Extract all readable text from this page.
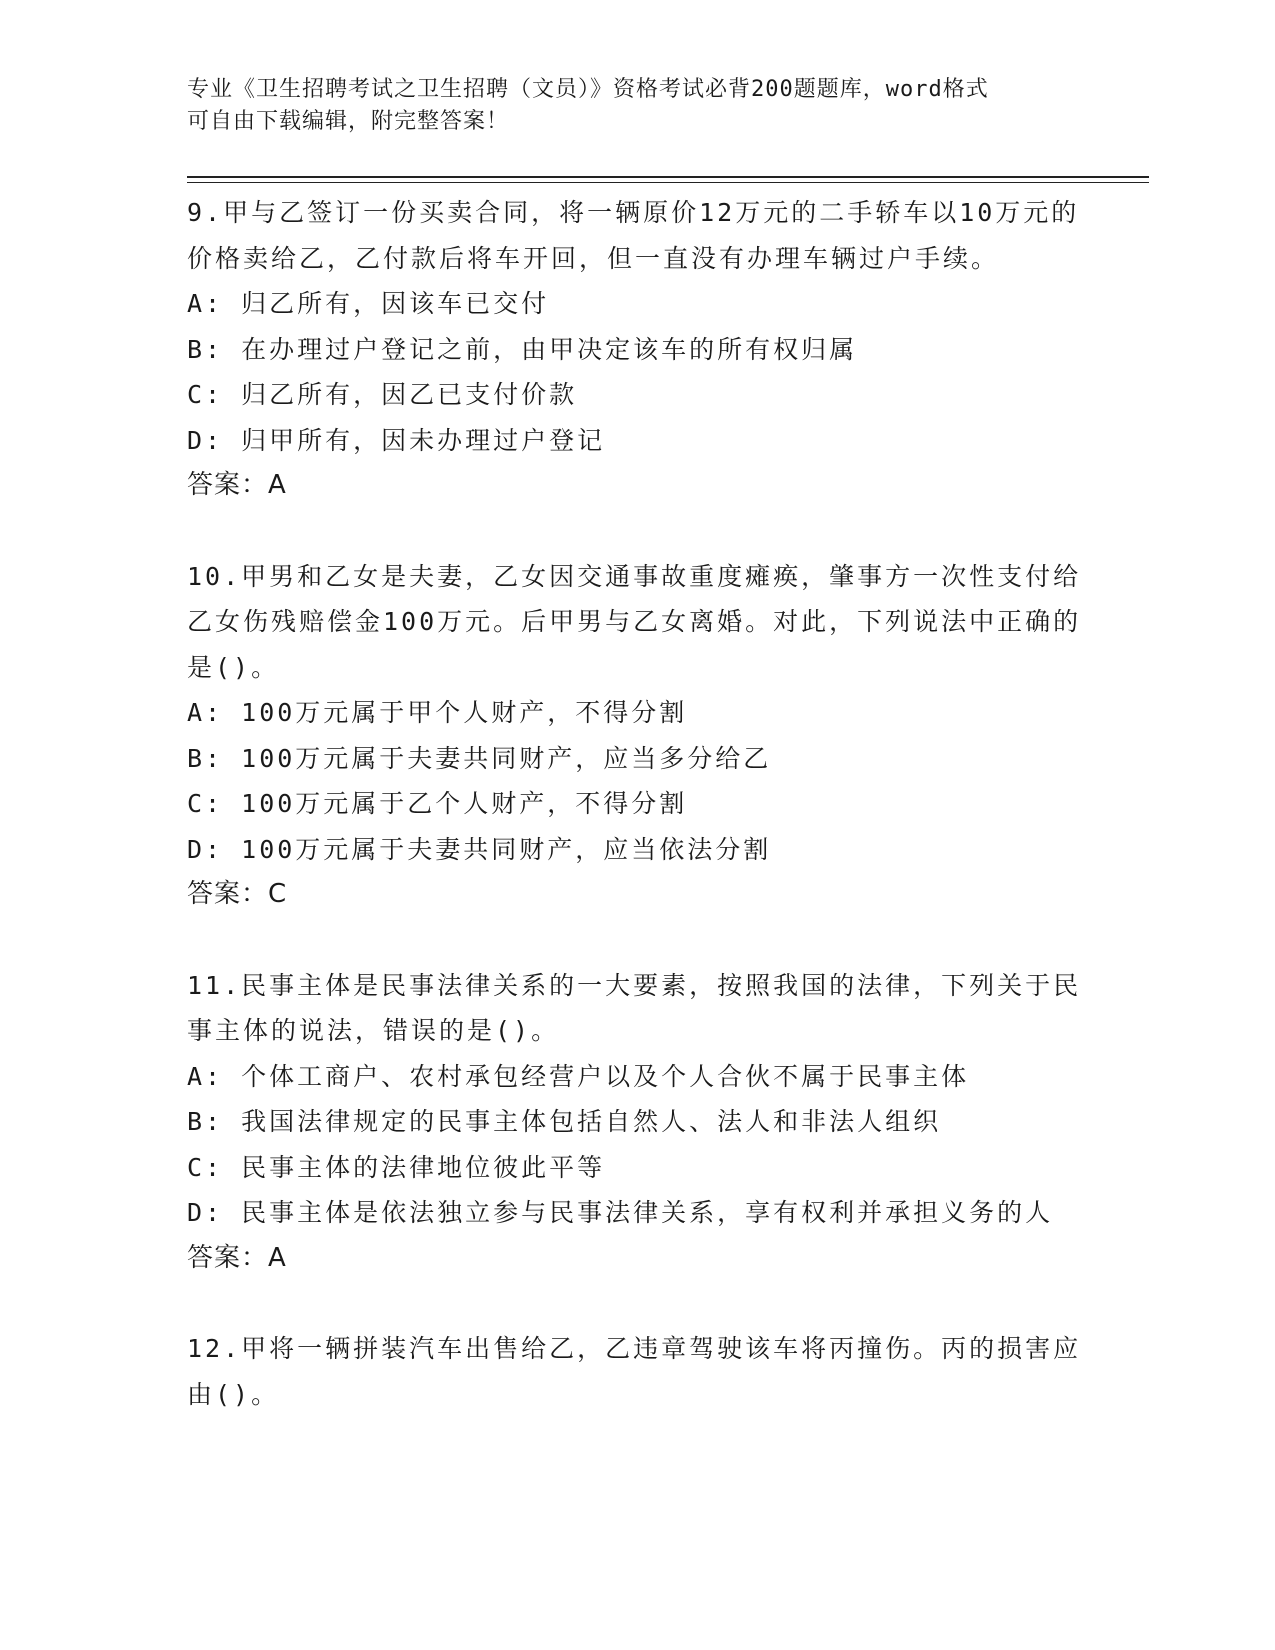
专业《卫生招聘考试之卫生招聘（文员）》资格考试必背200题题库，word格式
可自由下载编辑，附完整答案！

9.甲与乙签订一份买卖合同，将一辆原价12万元的二手轿车以10万元的价格卖给乙，乙付款后将车开回，但一直没有办理车辆过户手续。

A: 归乙所有，因该车已交付

B: 在办理过户登记之前，由甲决定该车的所有权归属

C: 归乙所有，因乙已支付价款

D: 归甲所有，因未办理过户登记

答案：A

10.甲男和乙女是夫妻，乙女因交通事故重度瘫痪，肇事方一次性支付给乙女伤残赔偿金100万元。后甲男与乙女离婚。对此，下列说法中正确的是()。

A: 100万元属于甲个人财产，不得分割

B: 100万元属于夫妻共同财产，应当多分给乙

C: 100万元属于乙个人财产，不得分割

D: 100万元属于夫妻共同财产，应当依法分割

答案：C

11.民事主体是民事法律关系的一大要素，按照我国的法律，下列关于民事主体的说法，错误的是()。

A: 个体工商户、农村承包经营户以及个人合伙不属于民事主体

B: 我国法律规定的民事主体包括自然人、法人和非法人组织

C: 民事主体的法律地位彼此平等

D: 民事主体是依法独立参与民事法律关系，享有权利并承担义务的人

答案：A

12.甲将一辆拼装汽车出售给乙，乙违章驾驶该车将丙撞伤。丙的损害应由()。
